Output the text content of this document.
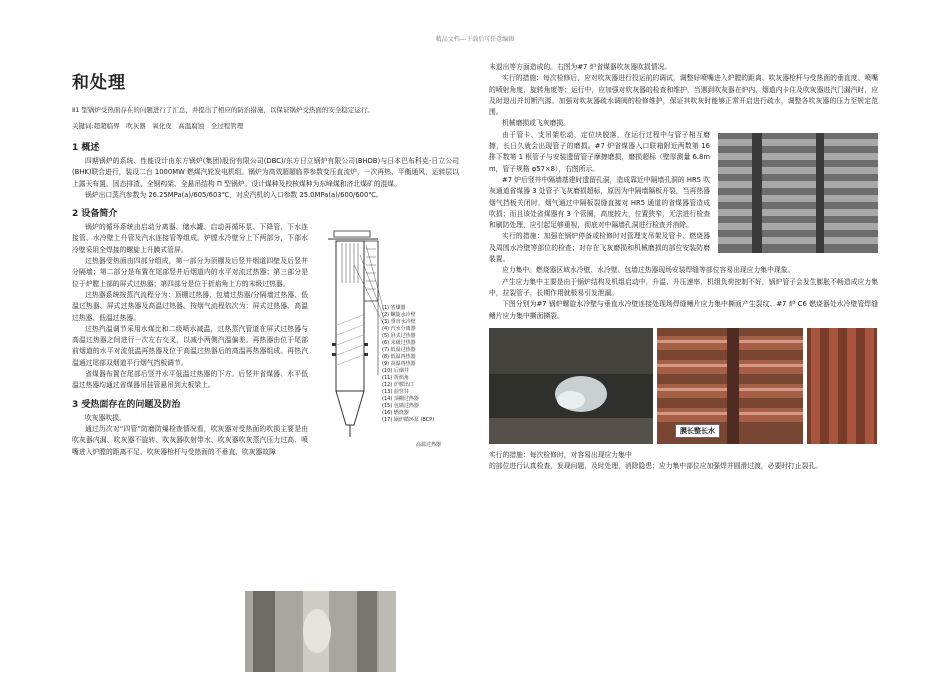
精品文档---下载后可任意编辑
和处理
Ⅱ1 型锅炉受热面存在的问题进行了汇总，并提出了相应的防治措施，以保证锅炉受热面的安全稳定运行。
关键词:超超临界　吹灰器　氧化皮　高温腐蚀　全过程管理
1 概述

四期锅炉的系统、性能设计由东方锅炉(集团)股份有限公司(DBC)/东方日立锅炉有限公司(BHDB)与日本巴布科克-日立公司(BHK)联合进行，装设二台 1000MW 燃煤汽轮发电机组。锅炉为高效超超临界参数变压直流炉，一次再热、平衡通风、运转层以上露天布置、固态排渣、全钢构架、全悬吊结构 Π 型锅炉。设计煤种及校核煤种为东峰煤和济北煤矿的混煤。

锅炉出口蒸汽参数为 26.25MPa(a)/605/603℃，对应汽机的入口参数 25.0MPa(a)/600/600℃。

2 设备简介
(1) 省煤器
(2) 螺旋水冷壁
(3) 垂直水冷壁
(4) 汽水分离器
(5) 屏式过热器
(6) 末级过热器
(7) 低温过热器
(8) 低温再热器
(9) 高温再热器
(10) 后烟井
(11) 折焰角
(12) 炉膛出口
(13) 前竖井
(14) 顶棚过热器
(15) 包墙过热器
(16) 燃烧器
(17) 锅炉循环泵 (BCP)
高温过热器

锅炉的循环系统由启动分离器、储水罐、启动再循环泵、下降管、下水连接管、水冷壁上升管及汽水连接管等组成。炉膛水冷壁分上下两部分，下部水冷壁采用全焊接的螺旋上升膜式管屏。

过热器受热面由四部分组成，第一部分为顶棚及后竖井烟道四壁及后竖井分隔墙；第二部分是布置在尾部竖井后烟道内的水平对流过热器；第三部分是位于炉膛上部的屏式过热器；第四部分是位于折焰角上方的末级过热器。

过热器系统按蒸汽流程分为：顶棚过热器、包墙过热器/分隔墙过热器、低温过热器、屏式过热器及高温过热器。按烟气流程依次为：屏式过热器、高温过热器、低温过热器。

过热汽温调节采用水煤比和二级喷水减温，过热蒸汽管道在屏式过热器与高温过热器之间进行一次左右交叉，以减小两侧汽温偏差。再热器由位于尾部前烟道的水平对流低温再热器及位于高温过热器后的高温再热器组成。再热汽温通过尾部双烟道平行烟气挡板调节。

省煤器布置在尾部后竖井水平低温过热器的下方。后竖井省煤器、水平低温过热器均通过省煤器吊挂管悬吊到大板梁上。

3 受热面存在的问题及防治

吹灰器吹损。

通过历次对“四管”防磨防爆检查情况看，吹灰器对受热面的吹损主要是由吹灰器内漏、吹灰器不旋转、吹灰器吹射带水、吹灰器吹灰蒸汽压力过高、喷嘴进入炉膛的距离不足、吹灰器枪杆与受热面的不垂直、吹灰器故障

未退出等方面造成的。右图为#7 炉省煤器吹灰器吹损情况。

实行的措施：每次检修后，应对吹灰器进行投运前的调试，调整好喷嘴进入炉膛的距离、吹灰器枪杆与受热面的垂直度、喷嘴的喷射角度、旋转角度等；运行中，应加强对吹灰器的检查和维护，当遇到吹灰器在炉内、烟道内卡住及吹灰器进汽门漏汽时，应及时退出并切断汽源。加强对吹灰器疏水调阀的检修维护，保证其吹灰时能够正常开启进行疏水，调整各吹灰器的压力至规定范围。

机械磨损或飞灰磨损。

由于管卡、支吊架松动，定位块脱落，在运行过程中与管子相互磨擦，长日久就会出现管子的磨损。#7 炉省煤器入口联箱附近两数第 16 排下数第 1 根管子与安装遗留管子摩擦磨损，磨损超标（壁厚测量 6.8mm，管子规格 φ57×8），右图所示。

#7 炉后竖井中隔墙基建时遗留孔洞，造成靠近中隔墙孔洞的 HR5 吹灰通道省煤器 3 处管子飞灰磨损超标，原因为中隔墙隔板开裂，当再热器烟气挡板关闭时，烟气通过中隔板裂缝直接对 HR5 通道的省煤器管造成吹损；而且该处省煤器有 3 个管圈，高度较大，位置狭窄，无法进行检查和刷防处理，应引起足够重视，彻底对中隔墙孔洞进行检查并消除。

实行的措施：加强在锅炉停备或检修时对管理支吊架及管卡、燃烧器及周围水冷壁等部位的检查；对存在飞灰磨损和机械磨损的部位安装防磨装置。

应力集中。燃烧器区域水冷壁、水冷壁、包墙过热器现场安装焊缝等部位容易出现应力集中现象。

产生应力集中主要是由于锅炉结构及机组启动中，升温、升压速率、机组负荷控制不好，锅炉管子会发生膨胀不畅造成应力集中，拉裂管子，长期作用就极易引发泄漏。

下图分别为#7 锅炉螺旋水冷壁与垂直水冷壁连接处现场焊缝鳍片应力集中撕面产生裂纹、#7 炉 C6 燃烧器处水冷壁管焊缝鳍片应力集中撕面撕裂。

膜长整长水

实行的措施：每次检修时，对容易出现应力集中

的部位进行认真检查，发现问题，及时处理，消除隐患；应力集中部位应加强焊并圆滑过渡，必要时打止裂孔。
